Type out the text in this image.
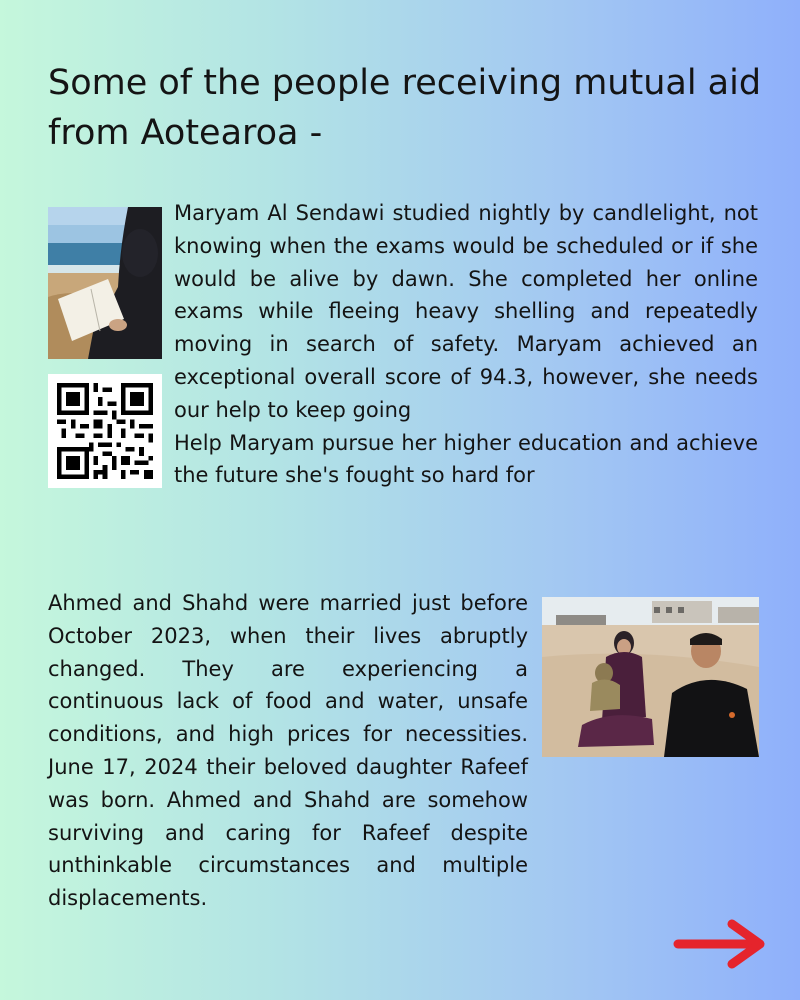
Some of the people receiving mutual aid from Aotearoa -

Maryam Al Sendawi studied nightly by candlelight, not knowing when the exams would be scheduled or if she would be alive by dawn. She completed her online exams while fleeing heavy shelling and repeatedly moving in search of safety. Maryam achieved an exceptional overall score of 94.3, however, she needs our help to keep going

Help Maryam pursue her higher education and achieve the future she's fought so hard for

Ahmed and Shahd were married just before October 2023, when their lives abruptly changed. They are experiencing a continuous lack of food and water, unsafe conditions, and high prices for necessities. June 17, 2024 their beloved daughter Rafeef was born. Ahmed and Shahd are somehow surviving and caring for Rafeef despite unthinkable circumstances and multiple displacements.
